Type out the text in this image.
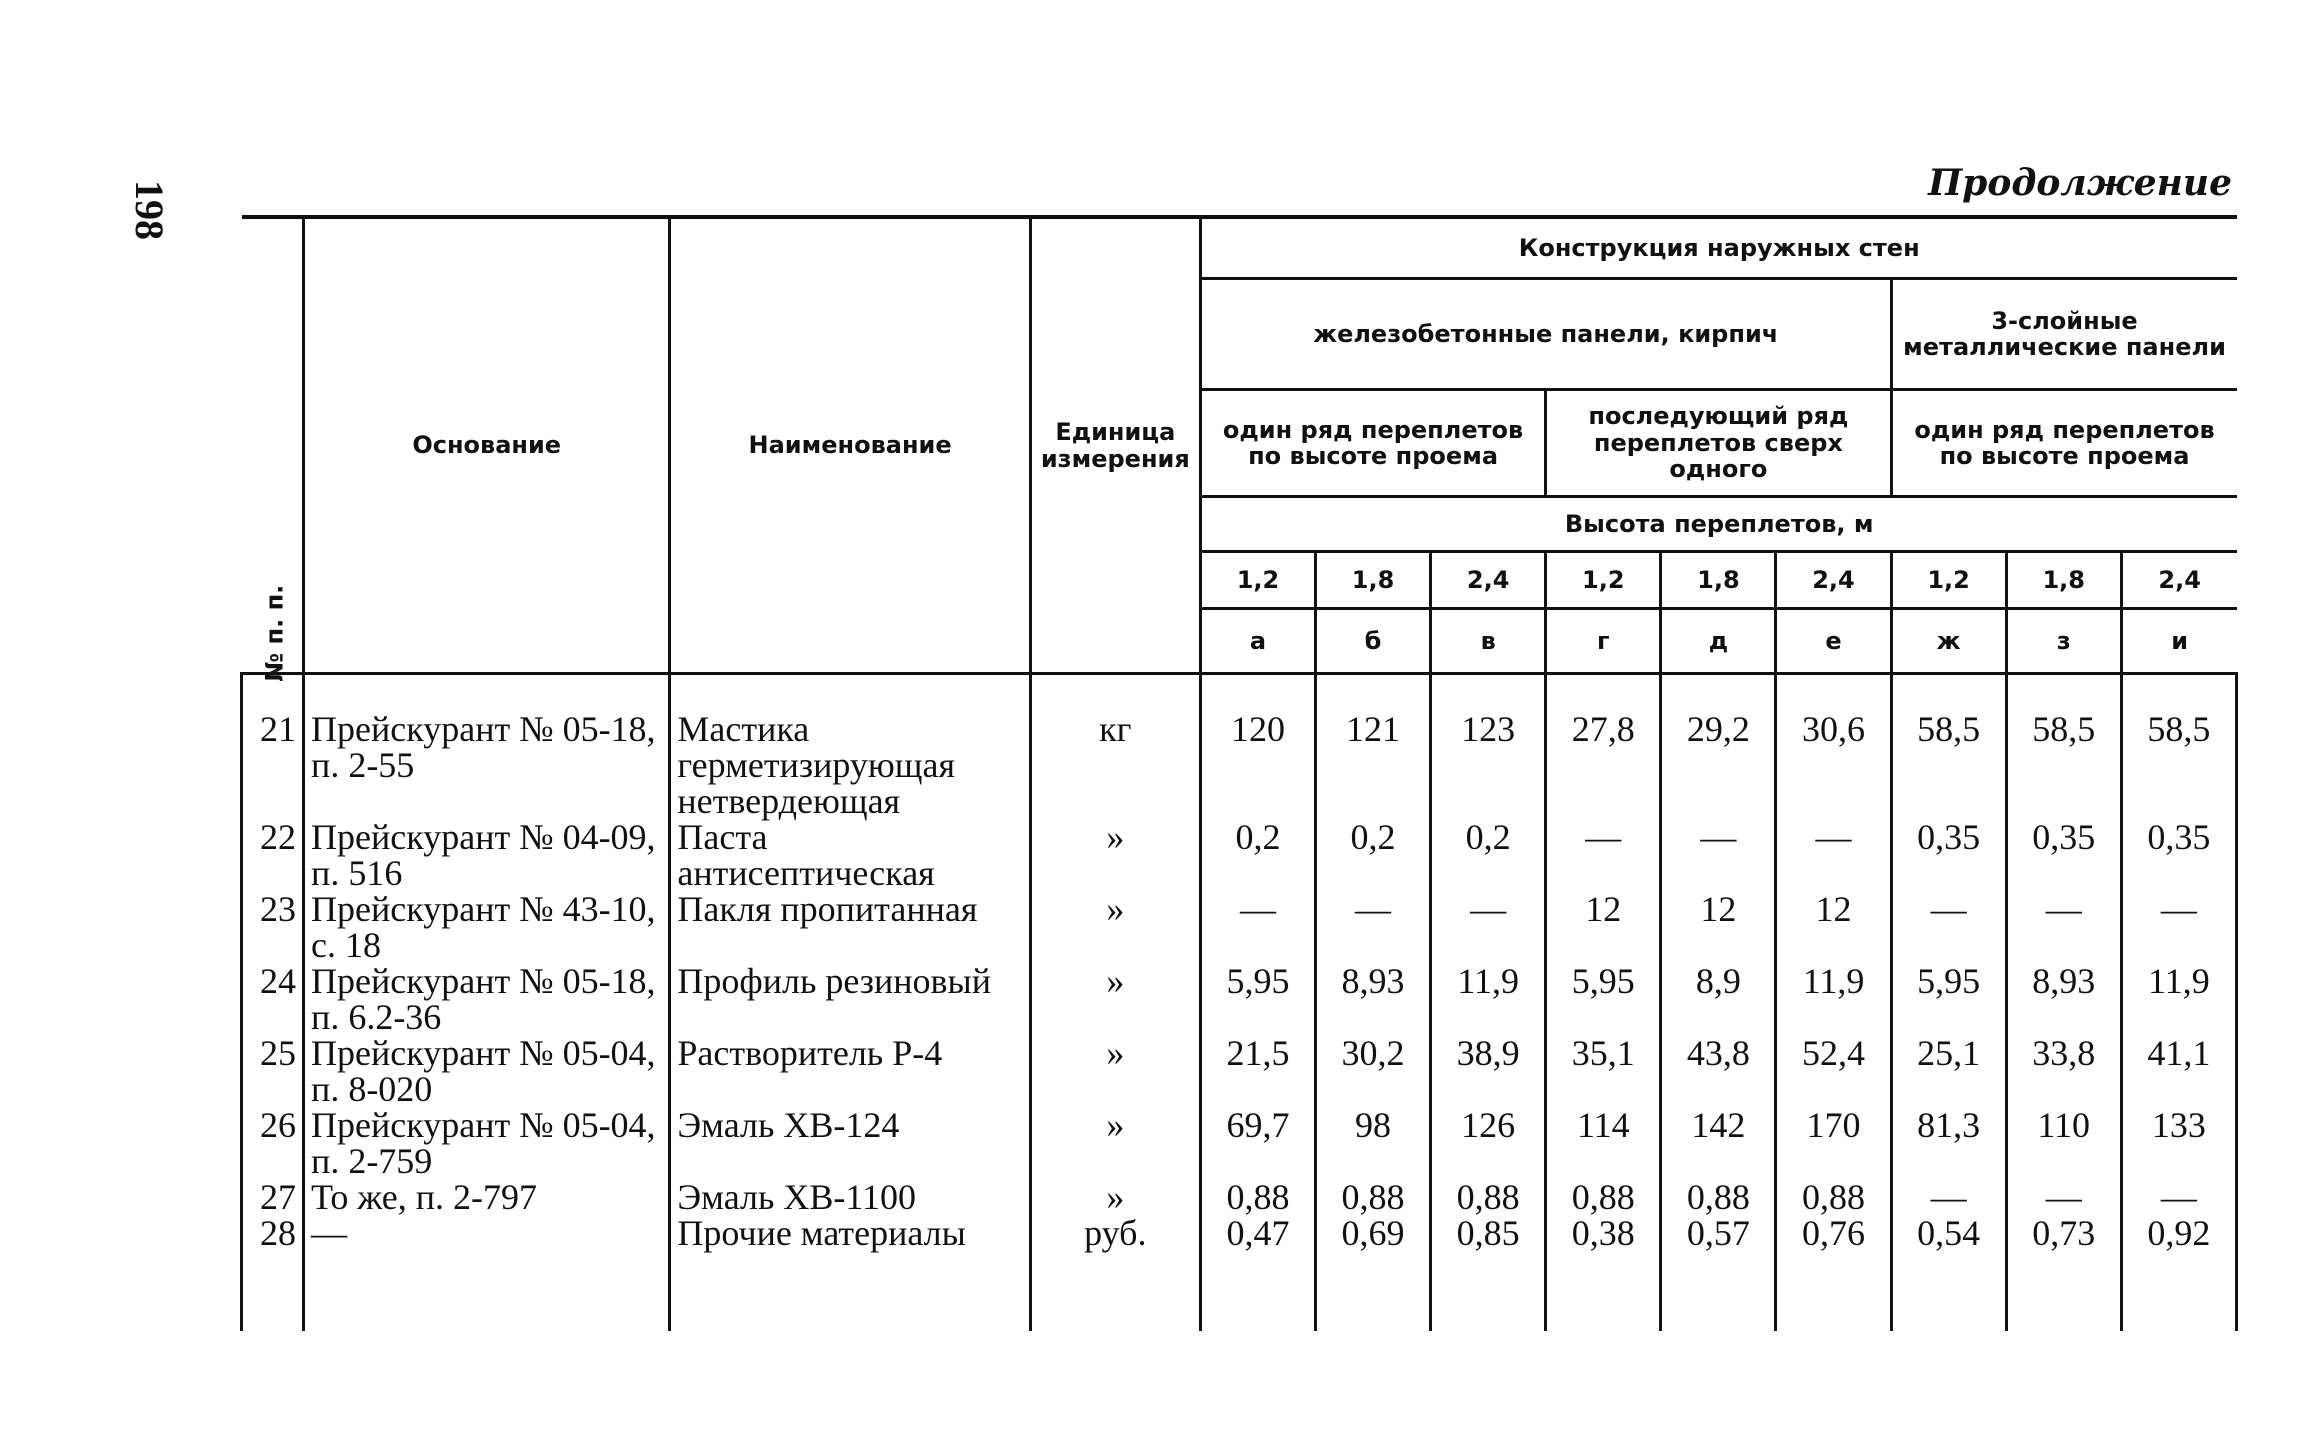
198	Продолжение
№ п. п.	Основание	Наименование	Единица измерения	Конструкция наружных стен								
				железобетонные панели, кирпич						3-слойные металлические панели		
				один ряд переплетов по высоте проема			последующий ряд переплетов сверх одного			один ряд переплетов по высоте проема		
				Высота переплетов, м								
				1,2	1,8	2,4	1,2	1,8	2,4	1,2	1,8	2,4
				а	б	в	г	д	е	ж	з	и
21	Прейскурант № 05-18, п. 2-55	Мастика герметизирующая нетвердеющая	кг	120	121	123	27,8	29,2	30,6	58,5	58,5	58,5
22	Прейскурант № 04-09, п. 516	Паста антисептическая	»	0,2	0,2	0,2	—	—	—	0,35	0,35	0,35
23	Прейскурант № 43-10, с. 18	Пакля пропитанная	»	—	—	—	12	12	12	—	—	—
24	Прейскурант № 05-18, п. 6.2-36	Профиль резиновый	»	5,95	8,93	11,9	5,95	8,9	11,9	5,95	8,93	11,9
25	Прейскурант № 05-04, п. 8-020	Растворитель Р-4	»	21,5	30,2	38,9	35,1	43,8	52,4	25,1	33,8	41,1
26	Прейскурант № 05-04, п. 2-759	Эмаль ХВ-124	»	69,7	98	126	114	142	170	81,3	110	133
27	То же, п. 2-797	Эмаль ХВ-1100	»	0,88	0,88	0,88	0,88	0,88	0,88	—	—	—
28	—	Прочие материалы	руб.	0,47	0,69	0,85	0,38	0,57	0,76	0,54	0,73	0,92
